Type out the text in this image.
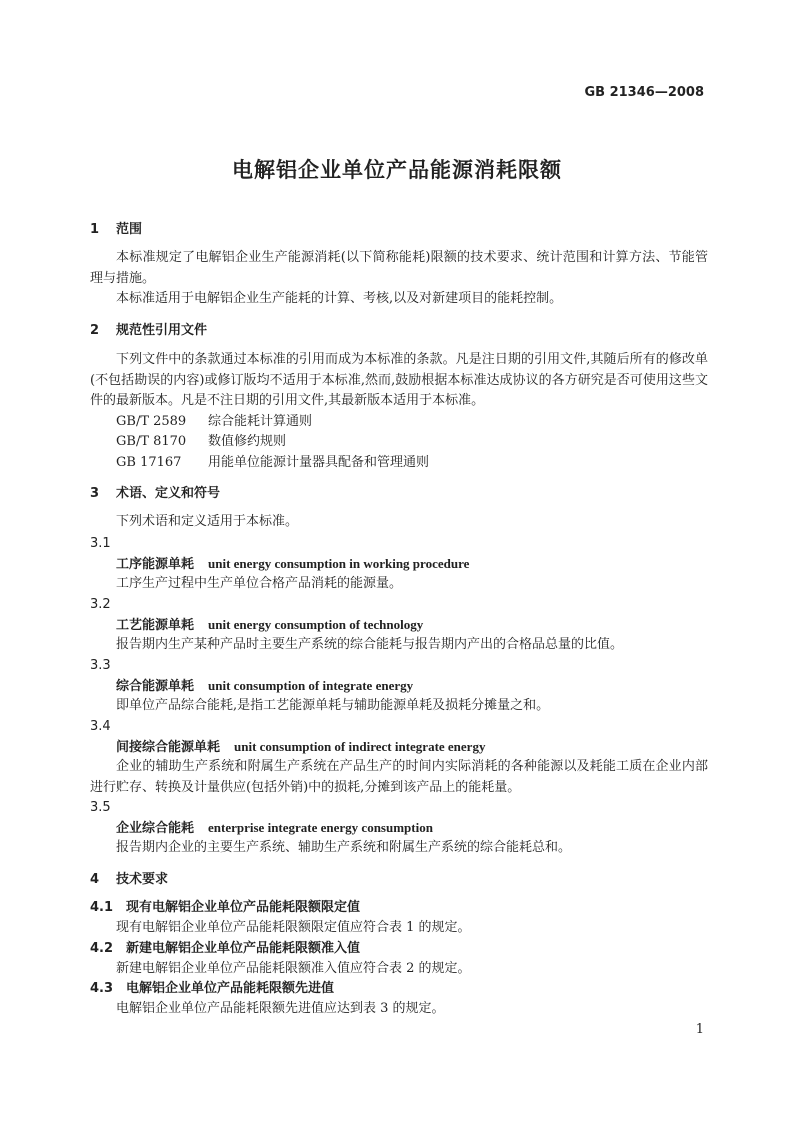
GB 21346—2008
电解铝企业单位产品能源消耗限额
1 范围
本标准规定了电解铝企业生产能源消耗(以下简称能耗)限额的技术要求、统计范围和计算方法、节能管理与措施。
本标准适用于电解铝企业生产能耗的计算、考核,以及对新建项目的能耗控制。
2 规范性引用文件
下列文件中的条款通过本标准的引用而成为本标准的条款。凡是注日期的引用文件,其随后所有的修改单(不包括勘误的内容)或修订版均不适用于本标准,然而,鼓励根据本标准达成协议的各方研究是否可使用这些文件的最新版本。凡是不注日期的引用文件,其最新版本适用于本标准。
GB/T 2589 综合能耗计算通则
GB/T 8170 数值修约规则
GB 17167 用能单位能源计量器具配备和管理通则
3 术语、定义和符号
下列术语和定义适用于本标准。
3.1
工序能源单耗 unit energy consumption in working procedure
工序生产过程中生产单位合格产品消耗的能源量。
3.2
工艺能源单耗 unit energy consumption of technology
报告期内生产某种产品时主要生产系统的综合能耗与报告期内产出的合格品总量的比值。
3.3
综合能源单耗 unit consumption of integrate energy
即单位产品综合能耗,是指工艺能源单耗与辅助能源单耗及损耗分摊量之和。
3.4
间接综合能源单耗 unit consumption of indirect integrate energy
企业的辅助生产系统和附属生产系统在产品生产的时间内实际消耗的各种能源以及耗能工质在企业内部进行贮存、转换及计量供应(包括外销)中的损耗,分摊到该产品上的能耗量。
3.5
企业综合能耗 enterprise integrate energy consumption
报告期内企业的主要生产系统、辅助生产系统和附属生产系统的综合能耗总和。
4 技术要求
4.1 现有电解铝企业单位产品能耗限额限定值
现有电解铝企业单位产品能耗限额限定值应符合表 1 的规定。
4.2 新建电解铝企业单位产品能耗限额准入值
新建电解铝企业单位产品能耗限额准入值应符合表 2 的规定。
4.3 电解铝企业单位产品能耗限额先进值
电解铝企业单位产品能耗限额先进值应达到表 3 的规定。
1
